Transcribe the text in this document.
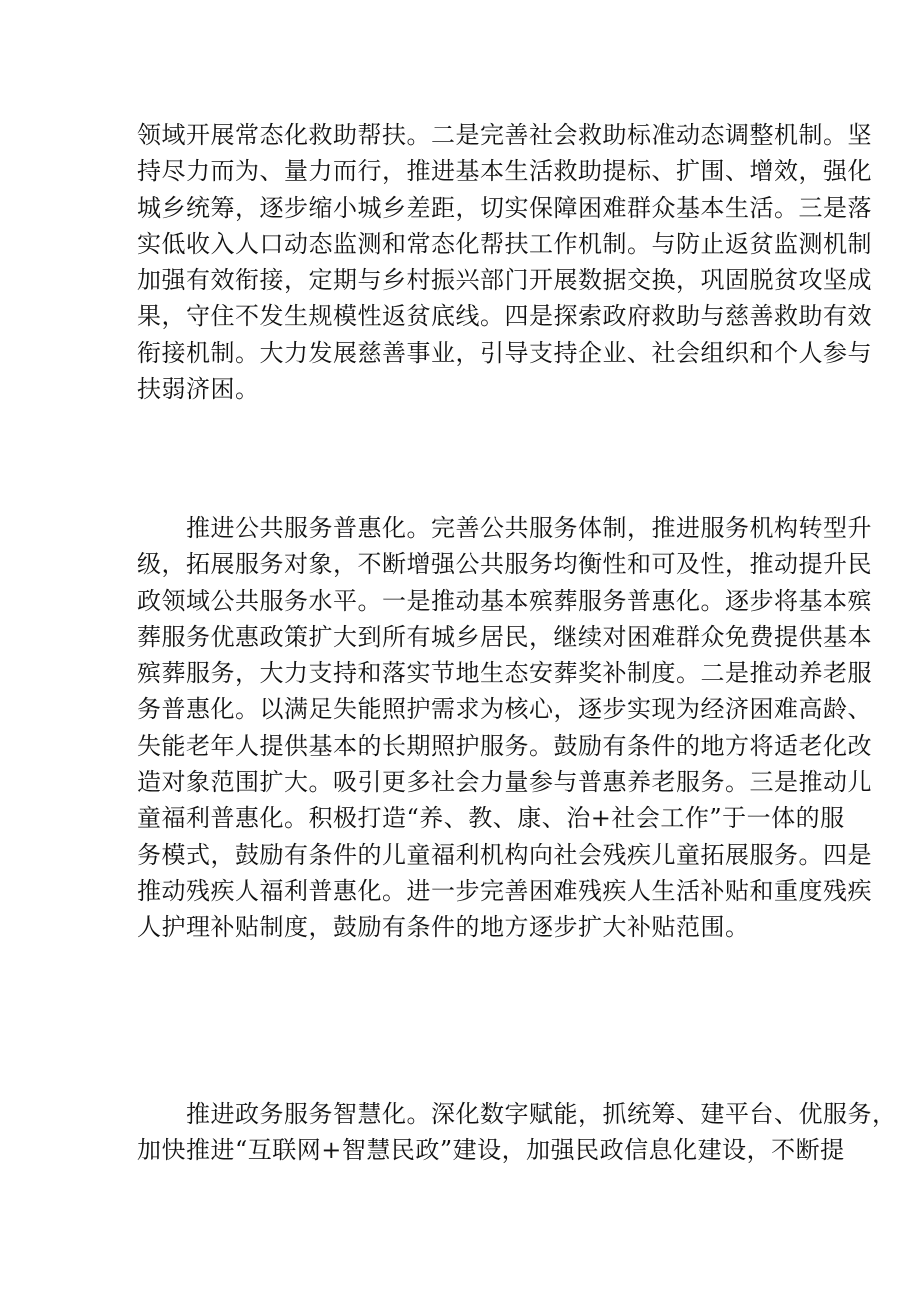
领域开展常态化救助帮扶。二是完善社会救助标准动态调整机制。坚
持尽力而为、量力而行，推进基本生活救助提标、扩围、增效，强化
城乡统筹，逐步缩小城乡差距，切实保障困难群众基本生活。三是落
实低收入人口动态监测和常态化帮扶工作机制。与防止返贫监测机制
加强有效衔接，定期与乡村振兴部门开展数据交换，巩固脱贫攻坚成
果，守住不发生规模性返贫底线。四是探索政府救助与慈善救助有效
衔接机制。大力发展慈善事业，引导支持企业、社会组织和个人参与
扶弱济困。
　　推进公共服务普惠化。完善公共服务体制，推进服务机构转型升
级，拓展服务对象，不断增强公共服务均衡性和可及性，推动提升民
政领域公共服务水平。一是推动基本殡葬服务普惠化。逐步将基本殡
葬服务优惠政策扩大到所有城乡居民，继续对困难群众免费提供基本
殡葬服务，大力支持和落实节地生态安葬奖补制度。二是推动养老服
务普惠化。以满足失能照护需求为核心，逐步实现为经济困难高龄、
失能老年人提供基本的长期照护服务。鼓励有条件的地方将适老化改
造对象范围扩大。吸引更多社会力量参与普惠养老服务。三是推动儿
童福利普惠化。积极打造“养、教、康、治+社会工作”于一体的服
务模式，鼓励有条件的儿童福利机构向社会残疾儿童拓展服务。四是
推动残疾人福利普惠化。进一步完善困难残疾人生活补贴和重度残疾
人护理补贴制度，鼓励有条件的地方逐步扩大补贴范围。
　　推进政务服务智慧化。深化数字赋能，抓统筹、建平台、优服务，
加快推进“互联网+智慧民政”建设，加强民政信息化建设，不断提
